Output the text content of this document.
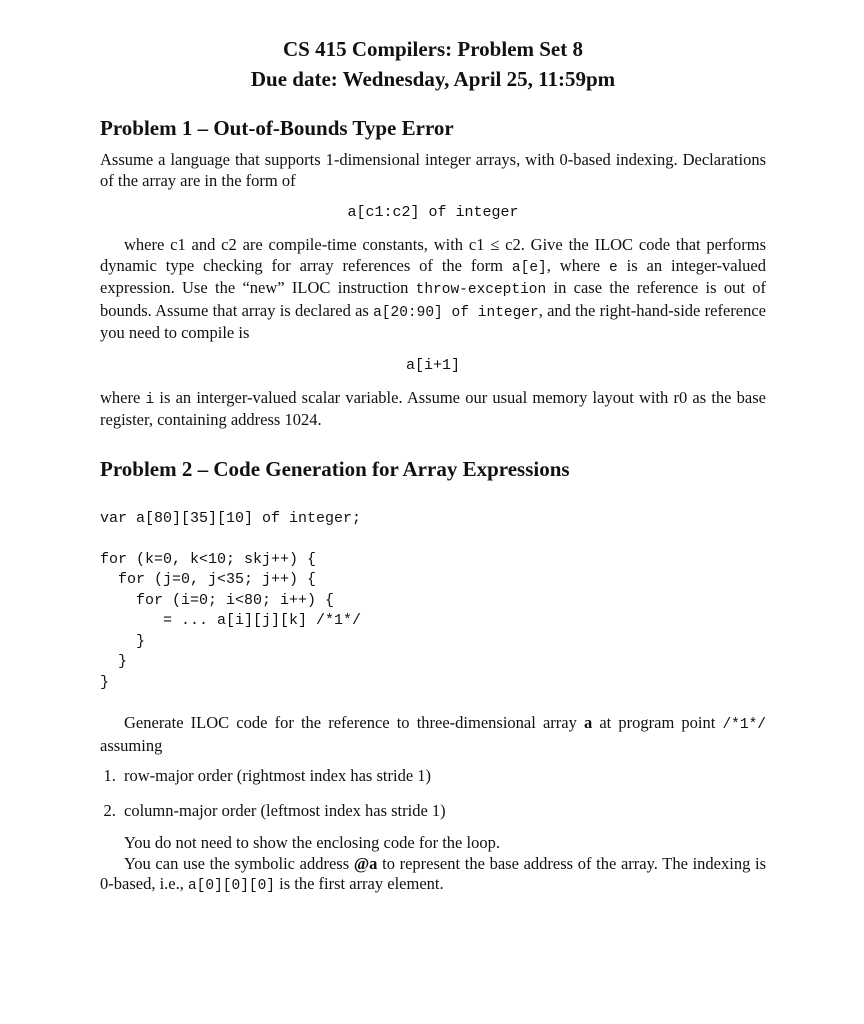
CS 415 Compilers: Problem Set 8
Due date: Wednesday, April 25, 11:59pm
Problem 1 – Out-of-Bounds Type Error

Assume a language that supports 1-dimensional integer arrays, with 0-based indexing. Declarations of the array are in the form of

a[c1:c2] of integer

where c1 and c2 are compile-time constants, with c1 ≤ c2. Give the ILOC code that performs dynamic type checking for array references of the form a[e], where e is an integer-valued expression. Use the “new” ILOC instruction throw-exception in case the reference is out of bounds. Assume that array is declared as a[20:90] of integer, and the right-hand-side reference you need to compile is

a[i+1]

where i is an interger-valued scalar variable. Assume our usual memory layout with r0 as the base register, containing address 1024.

Problem 2 – Code Generation for Array Expressions
var a[80][35][10] of integer;

for (k=0, k<10; skj++) {
for (j=0, j<35; j++) {
for (i=0; i<80; i++) {
= ... a[i][j][k] /*1*/
}
}
}

Generate ILOC code for the reference to three-dimensional array a at program point /*1*/ assuming

1. row-major order (rightmost index has stride 1)
2. column-major order (leftmost index has stride 1)

You do not need to show the enclosing code for the loop.

You can use the symbolic address @a to represent the base address of the array. The indexing is 0-based, i.e., a[0][0][0] is the first array element.
